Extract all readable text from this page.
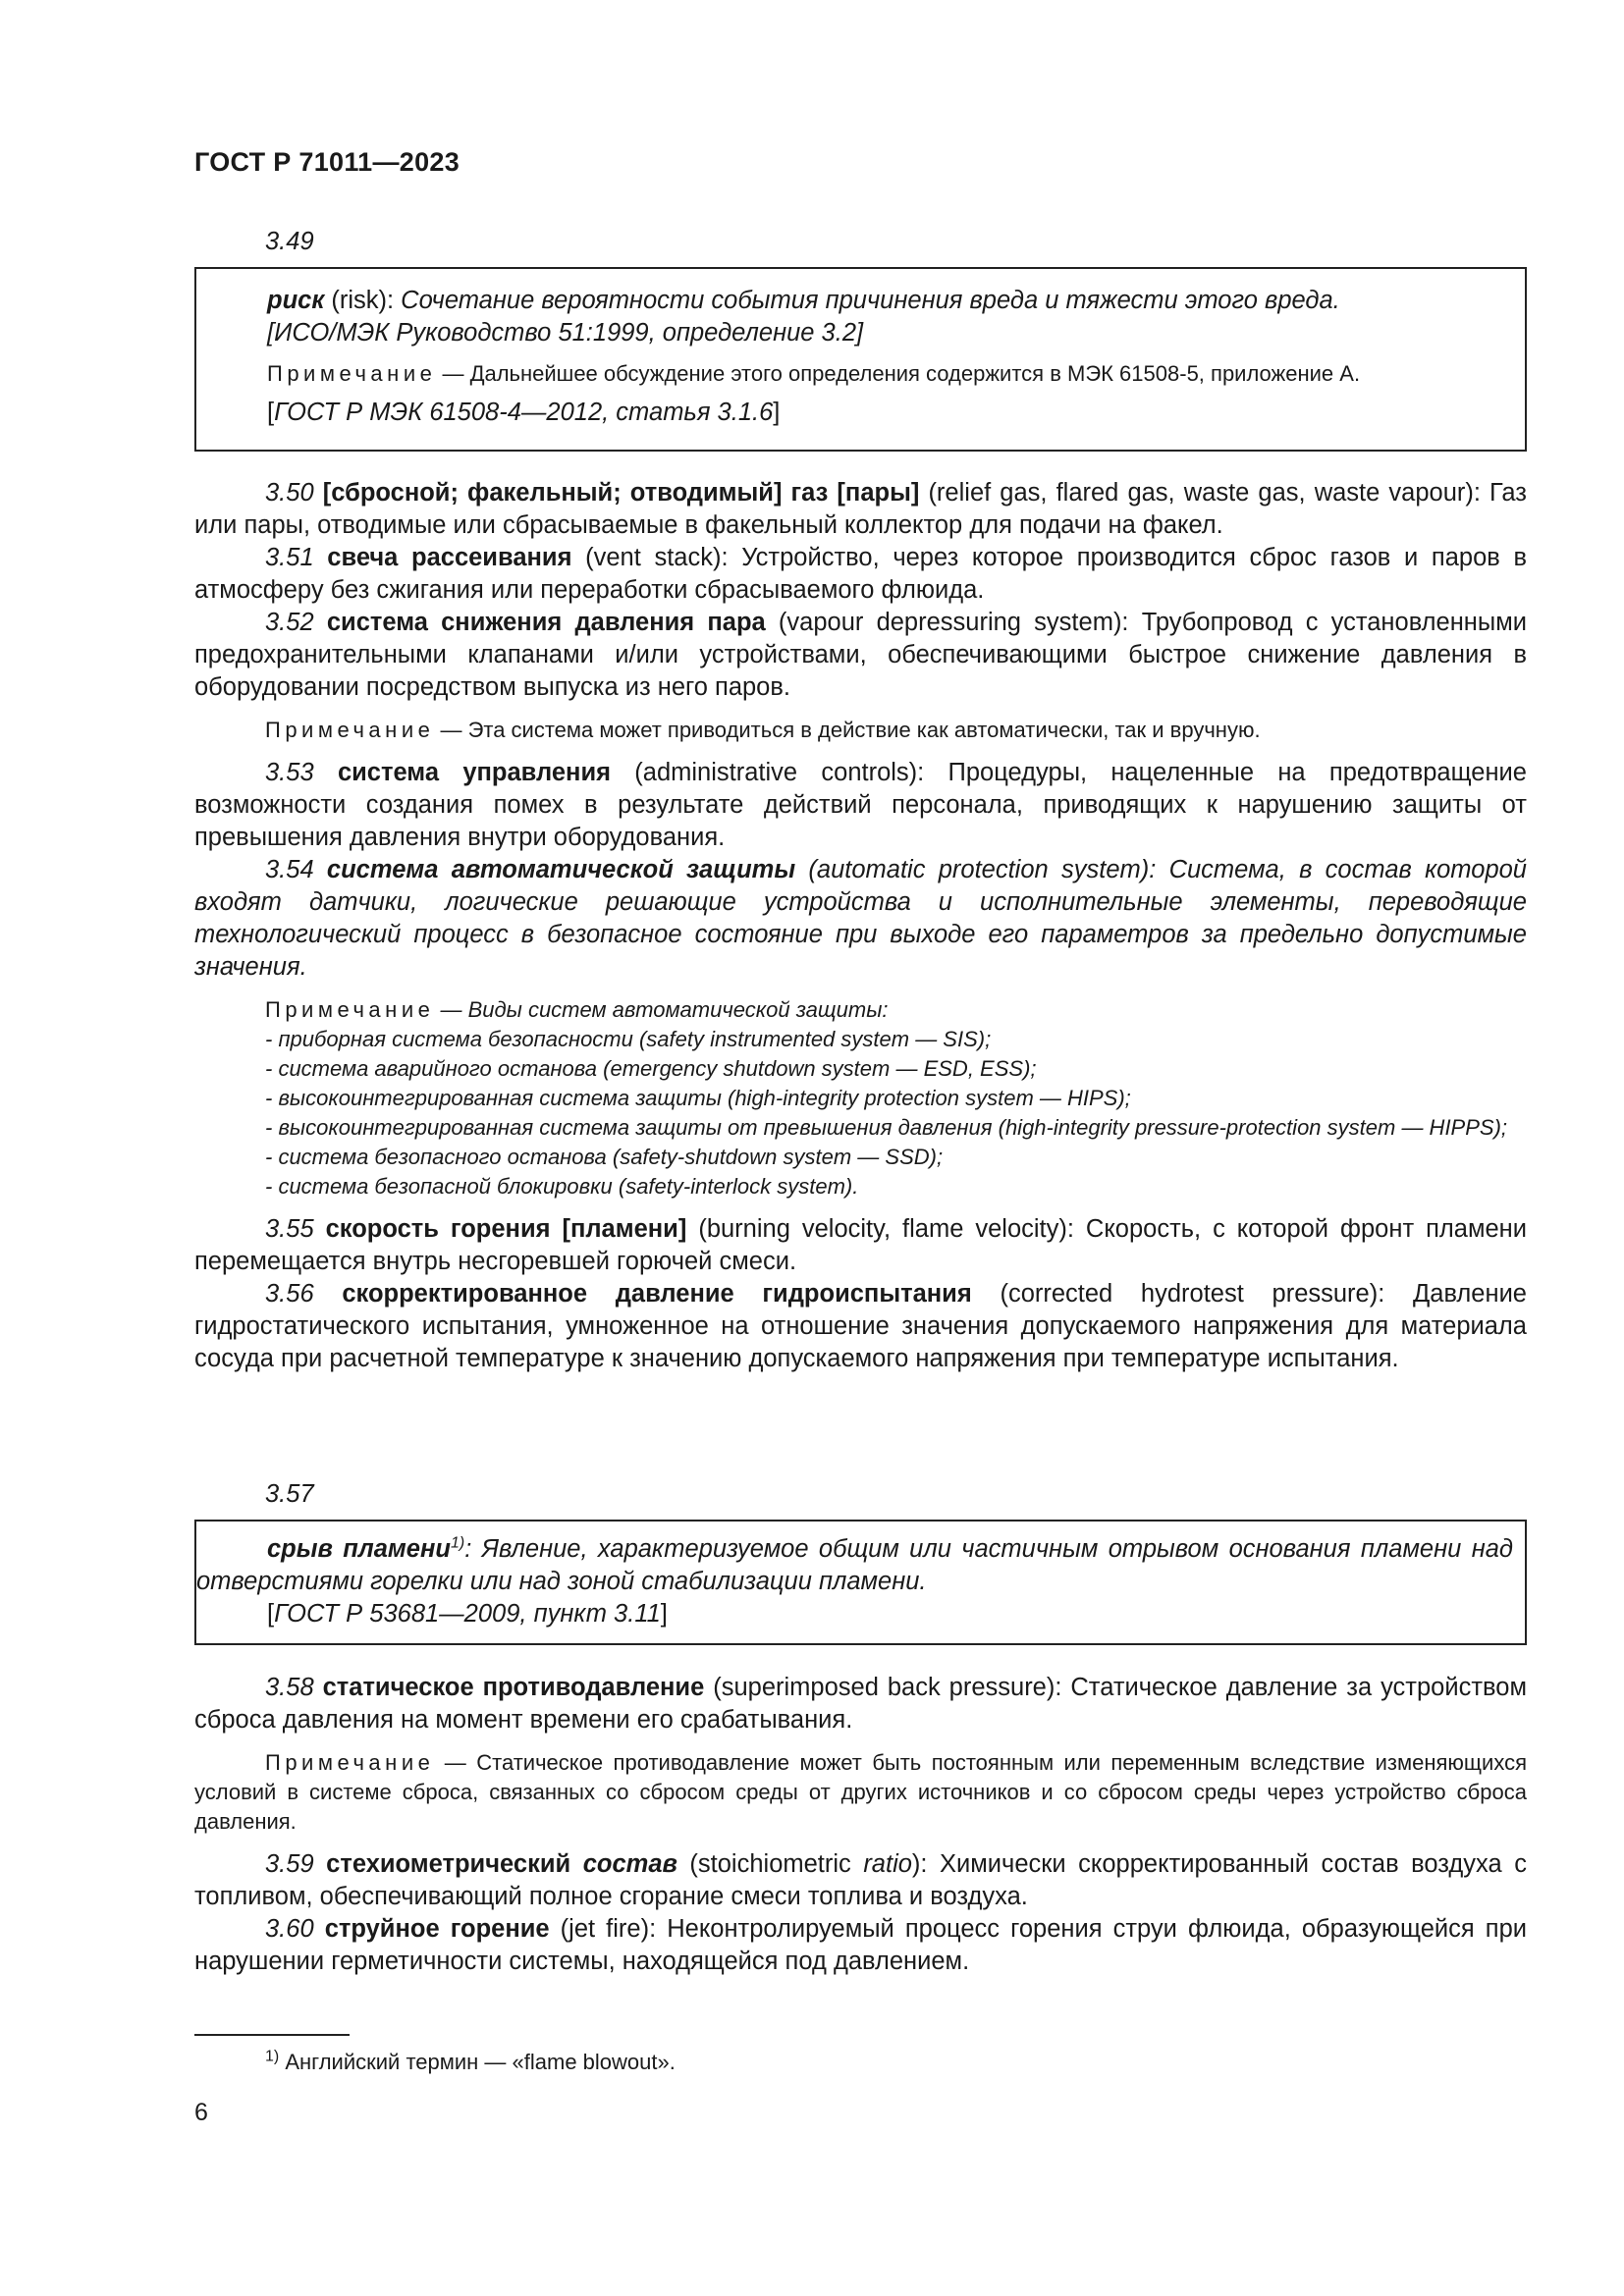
ГОСТ Р 71011—2023

3.49

риск (risk): Сочетание вероятности события причинения вреда и тяжести этого вреда.

[ИСО/МЭК Руководство 51:1999, определение 3.2]

Примечание — Дальнейшее обсуждение этого определения содержится в МЭК 61508-5, приложение А.

[ГОСТ Р МЭК 61508-4—2012, статья 3.1.6]

3.50 [сбросной; факельный; отводимый] газ [пары] (relief gas, flared gas, waste gas, waste vapour): Газ или пары, отводимые или сбрасываемые в факельный коллектор для подачи на факел.

3.51 свеча рассеивания (vent stack): Устройство, через которое производится сброс газов и паров в атмосферу без сжигания или переработки сбрасываемого флюида.

3.52 система снижения давления пара (vapour depressuring system): Трубопровод с установленными предохранительными клапанами и/или устройствами, обеспечивающими быстрое снижение давления в оборудовании посредством выпуска из него паров.

Примечание — Эта система может приводиться в действие как автоматически, так и вручную.

3.53 система управления (administrative controls): Процедуры, нацеленные на предотвращение возможности создания помех в результате действий персонала, приводящих к нарушению защиты от превышения давления внутри оборудования.

3.54 система автоматической защиты (automatic protection system): Система, в состав которой входят датчики, логические решающие устройства и исполнительные элементы, переводящие технологический процесс в безопасное состояние при выходе его параметров за предельно допустимые значения.

Примечание — Виды систем автоматической защиты:

- приборная система безопасности (safety instrumented system — SIS);

- система аварийного останова (emergency shutdown system — ESD, ESS);

- высокоинтегрированная система защиты (high-integrity protection system — HIPS);

- высокоинтегрированная система защиты от превышения давления (high-integrity pressure-protection system — HIPPS);

- система безопасного останова (safety-shutdown system — SSD);

- система безопасной блокировки (safety-interlock system).

3.55 скорость горения [пламени] (burning velocity, flame velocity): Скорость, с которой фронт пламени перемещается внутрь несгоревшей горючей смеси.

3.56 скорректированное давление гидроиспытания (corrected hydrotest pressure): Давление гидростатического испытания, умноженное на отношение значения допускаемого напряжения для материала сосуда при расчетной температуре к значению допускаемого напряжения при температуре испытания.

3.57

срыв пламени$^{1)}$: Явление, характеризуемое общим или частичным отрывом основания пламени над отверстиями горелки или над зоной стабилизации пламени.

[ГОСТ Р 53681—2009, пункт 3.11]

3.58 статическое противодавление (superimposed back pressure): Статическое давление за устройством сброса давления на момент времени его срабатывания.

Примечание — Статическое противодавление может быть постоянным или переменным вследствие изменяющихся условий в системе сброса, связанных со сбросом среды от других источников и со сбросом среды через устройство сброса давления.

3.59 стехиометрический состав (stoichiometric ratio): Химически скорректированный состав воздуха с топливом, обеспечивающий полное сгорание смеси топлива и воздуха.

3.60 струйное горение (jet fire): Неконтролируемый процесс горения струи флюида, образующейся при нарушении герметичности системы, находящейся под давлением.

$^{1)}$ Английский термин — «flame blowout».

6
